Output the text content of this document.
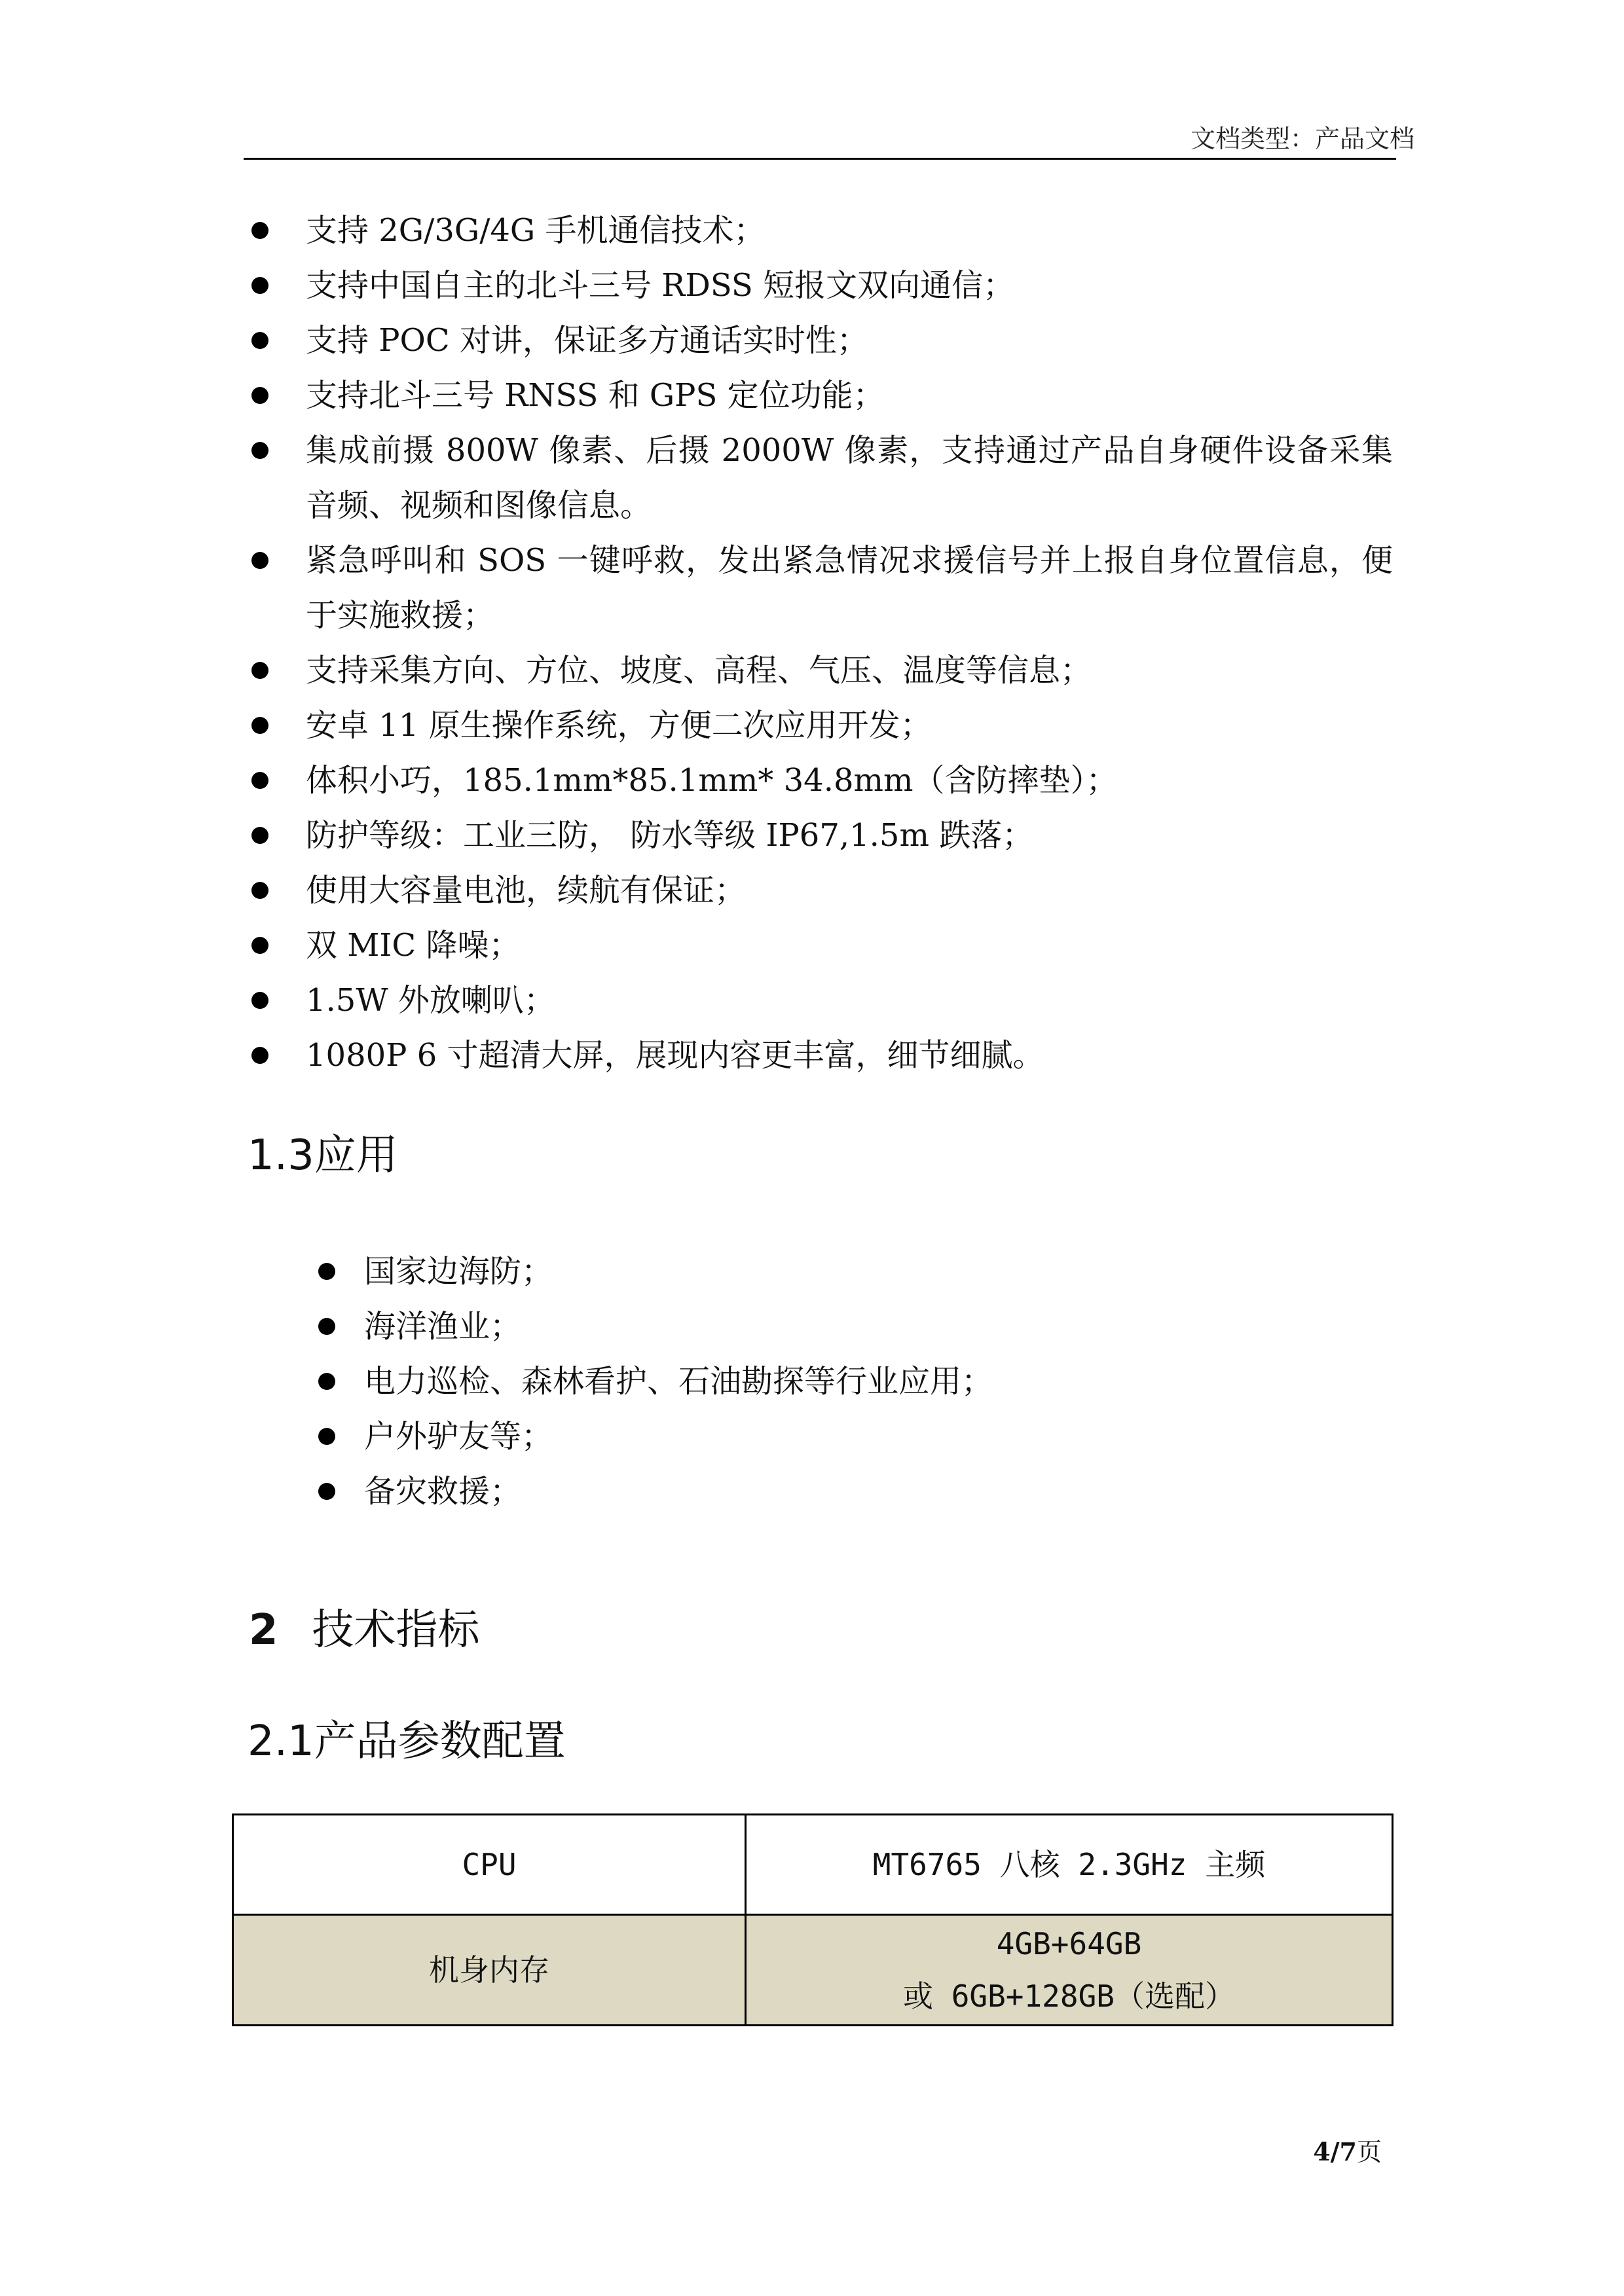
文档类型：产品文档
支持 2G/3G/4G 手机通信技术；
支持中国自主的北斗三号 RDSS 短报文双向通信；
支持 POC 对讲，保证多方通话实时性；
支持北斗三号 RNSS 和 GPS 定位功能；
集成前摄 800W 像素、后摄 2000W 像素，支持通过产品自身硬件设备采集音频、视频和图像信息。
紧急呼叫和 SOS 一键呼救，发出紧急情况求援信号并上报自身位置信息，便于实施救援；
支持采集方向、方位、坡度、高程、气压、温度等信息；
安卓 11 原生操作系统，方便二次应用开发；
体积小巧，185.1mm*85.1mm* 34.8mm（含防摔垫）；
防护等级：工业三防， 防水等级 IP67,1.5m 跌落；
使用大容量电池，续航有保证；
双 MIC 降噪；
1.5W 外放喇叭；
1080P 6 寸超清大屏，展现内容更丰富，细节细腻。
1.3应用
国家边海防；
海洋渔业；
电力巡检、森林看护、石油勘探等行业应用；
户外驴友等；
备灾救援；
2 技术指标
2.1产品参数配置
CPU	MT6765 八核 2.3GHz 主频
机身内存	4GB+64GB
或 6GB+128GB（选配）
4/7页
